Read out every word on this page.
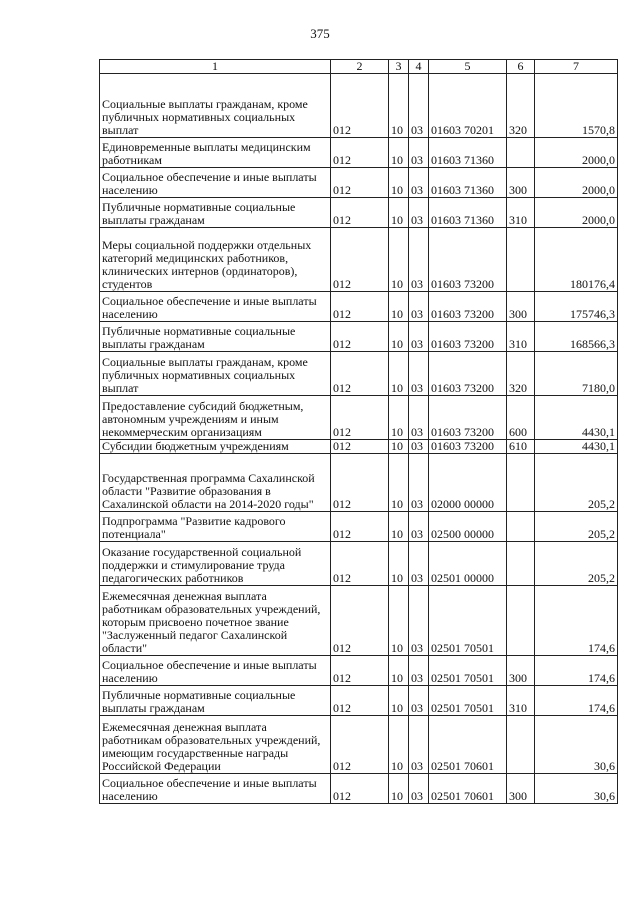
375
1	2	3	4	5	6	7
Социальные выплаты гражданам, кроме публичных нормативных социальных выплат	012	10	03	01603 70201	320	1570,8
Единовременные выплаты медицинским работникам	012	10	03	01603 71360		2000,0
Социальное обеспечение и иные выплаты населению	012	10	03	01603 71360	300	2000,0
Публичные нормативные социальные выплаты гражданам	012	10	03	01603 71360	310	2000,0
Меры социальной поддержки отдельных категорий медицинских работников, клинических интернов (ординаторов), студентов	012	10	03	01603 73200		180176,4
Социальное обеспечение и иные выплаты населению	012	10	03	01603 73200	300	175746,3
Публичные нормативные социальные выплаты гражданам	012	10	03	01603 73200	310	168566,3
Социальные выплаты гражданам, кроме публичных нормативных социальных выплат	012	10	03	01603 73200	320	7180,0
Предоставление субсидий бюджетным, автономным учреждениям и иным некоммерческим организациям	012	10	03	01603 73200	600	4430,1
Субсидии бюджетным учреждениям	012	10	03	01603 73200	610	4430,1
Государственная программа Сахалинской области "Развитие образования в Сахалинской области на 2014-2020 годы"	012	10	03	02000 00000		205,2
Подпрограмма "Развитие кадрового потенциала"	012	10	03	02500 00000		205,2
Оказание государственной социальной поддержки и стимулирование труда педагогических работников	012	10	03	02501 00000		205,2
Ежемесячная денежная выплата работникам образовательных учреждений, которым присвоено почетное звание "Заслуженный педагог Сахалинской области"	012	10	03	02501 70501		174,6
Социальное обеспечение и иные выплаты населению	012	10	03	02501 70501	300	174,6
Публичные нормативные социальные выплаты гражданам	012	10	03	02501 70501	310	174,6
Ежемесячная денежная выплата работникам образовательных учреждений, имеющим государственные награды Российской Федерации	012	10	03	02501 70601		30,6
Социальное обеспечение и иные выплаты населению	012	10	03	02501 70601	300	30,6
